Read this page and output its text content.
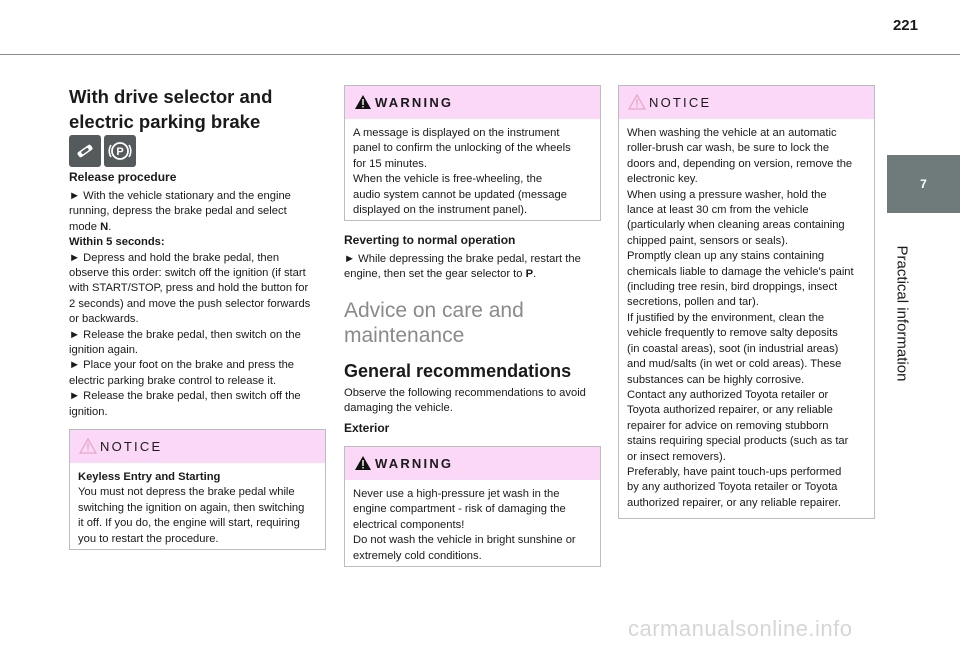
221
7
Practical information
With drive selector and
electric parking brake
P
Release procedure

► With the vehicle stationary and the engine

running, depress the brake pedal and select

mode N.

Within 5 seconds:

► Depress and hold the brake pedal, then

observe this order: switch off the ignition (if start

with START/STOP, press and hold the button for

2 seconds) and move the push selector forwards

or backwards.

► Release the brake pedal, then switch on the

ignition again.

► Place your foot on the brake and press the

electric parking brake control to release it.

► Release the brake pedal, then switch off the

ignition.

NOTICE

Keyless Entry and Starting

You must not depress the brake pedal while

switching the ignition on again, then switching

it off. If you do, the engine will start, requiring

you to restart the procedure.

WARNING

A message is displayed on the instrument

panel to confirm the unlocking of the wheels

for 15 minutes.

When the vehicle is free-wheeling, the

audio system cannot be updated (message

displayed on the instrument panel).

Reverting to normal operation

► While depressing the brake pedal, restart the

engine, then set the gear selector to P.

Advice on care and
maintenance
General recommendations

Observe the following recommendations to avoid

damaging the vehicle.

Exterior
WARNING

Never use a high-pressure jet wash in the

engine compartment - risk of damaging the

electrical components!

Do not wash the vehicle in bright sunshine or

extremely cold conditions.

NOTICE

When washing the vehicle at an automatic

roller-brush car wash, be sure to lock the

doors and, depending on version, remove the

electronic key.

When using a pressure washer, hold the

lance at least 30 cm from the vehicle

(particularly when cleaning areas containing

chipped paint, sensors or seals).

Promptly clean up any stains containing

chemicals liable to damage the vehicle's paint

(including tree resin, bird droppings, insect

secretions, pollen and tar).

If justified by the environment, clean the

vehicle frequently to remove salty deposits

(in coastal areas), soot (in industrial areas)

and mud/salts (in wet or cold areas). These

substances can be highly corrosive.

Contact any authorized Toyota retailer or

Toyota authorized repairer, or any reliable

repairer for advice on removing stubborn

stains requiring special products (such as tar

or insect removers).

Preferably, have paint touch-ups performed

by any authorized Toyota retailer or Toyota

authorized repairer, or any reliable repairer.

carmanualsonline.info
